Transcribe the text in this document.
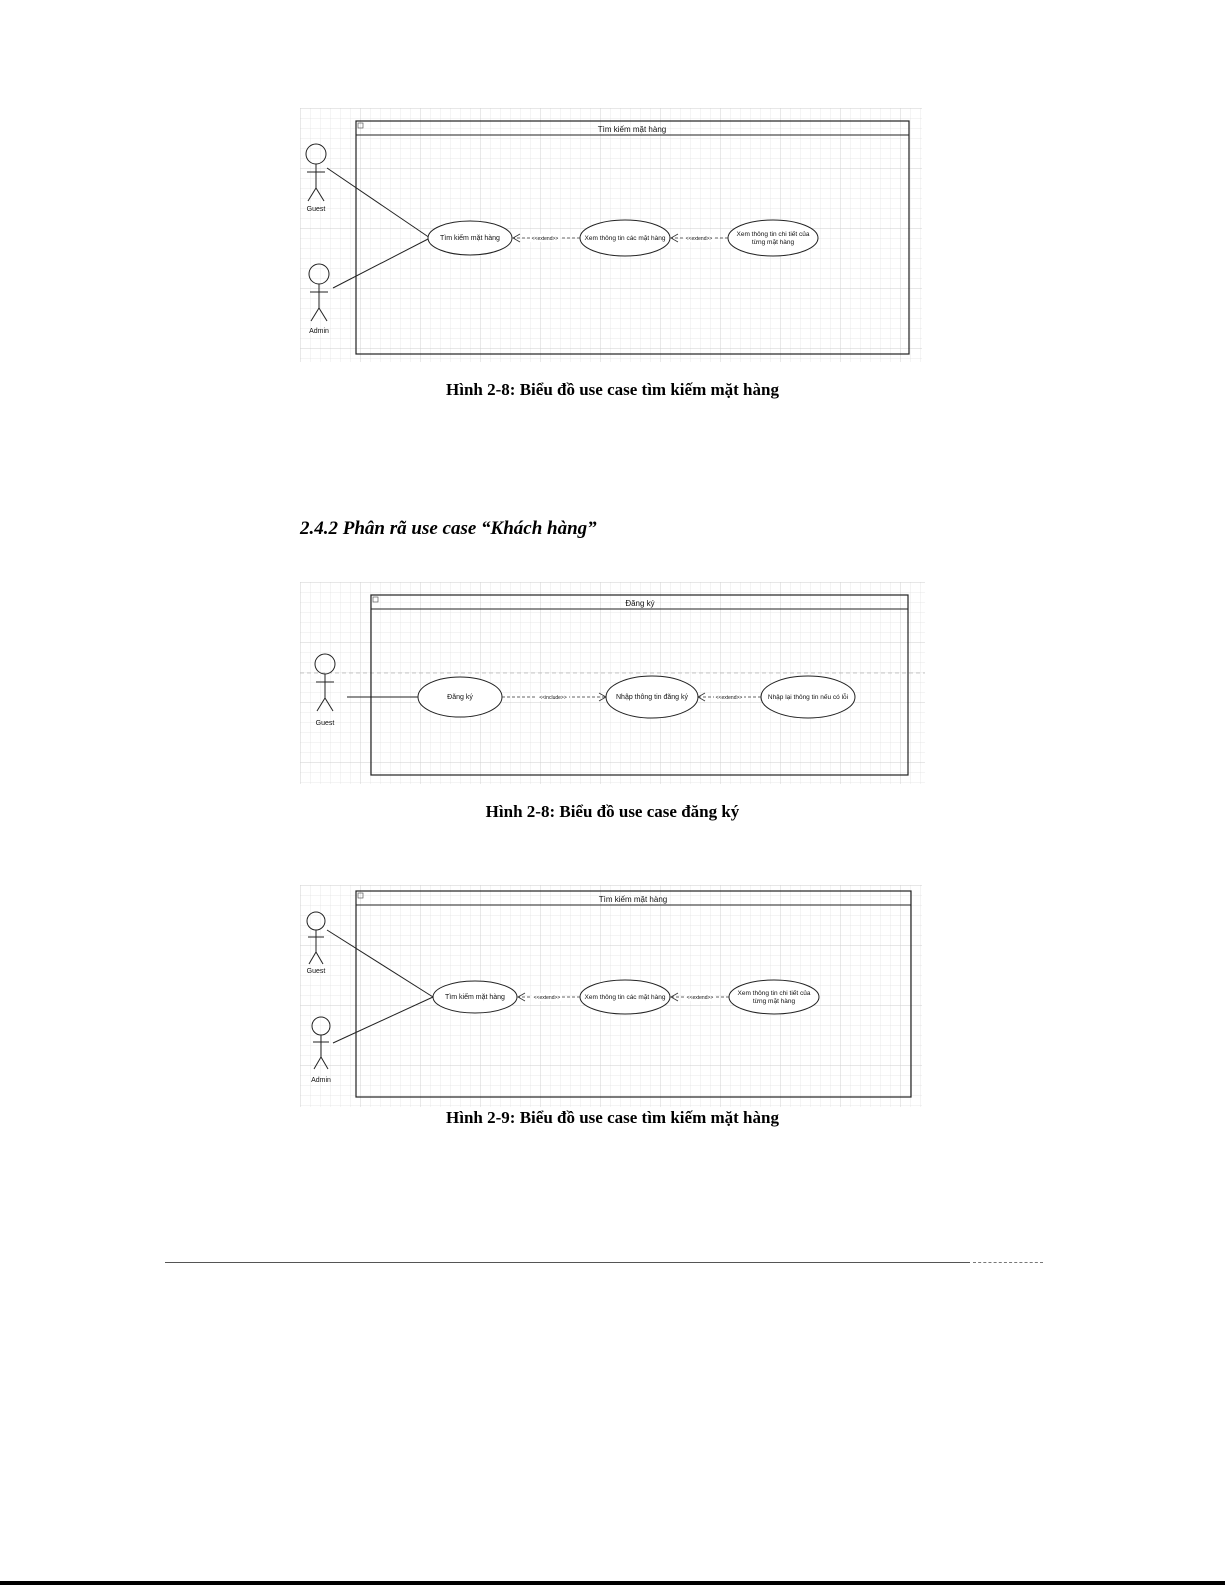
Tìm kiếm mặt hàng
Guest
Admin
Tìm kiếm mặt hàng	Xem thông tin các mặt hàng
Xem thông tin chi tiết của
từng mặt hàng
<<extend>>	<<extend>>
Hình 2-8: Biểu đồ use case tìm kiếm mặt hàng
2.4.2 Phân rã use case “Khách hàng”
Đăng ký
Guest
Đăng ký	Nhập thông tin đăng ký	Nhập lại thông tin nếu có lỗi
<<include>>	<<extend>>
Hình 2-8: Biểu đồ use case đăng ký
Tìm kiếm mặt hàng
Guest
Admin
Tìm kiếm mặt hàng	Xem thông tin các mặt hàng
Xem thông tin chi tiết của
từng mặt hàng
<<extend>>	<<extend>>
Hình 2-9: Biểu đồ use case tìm kiếm mặt hàng
